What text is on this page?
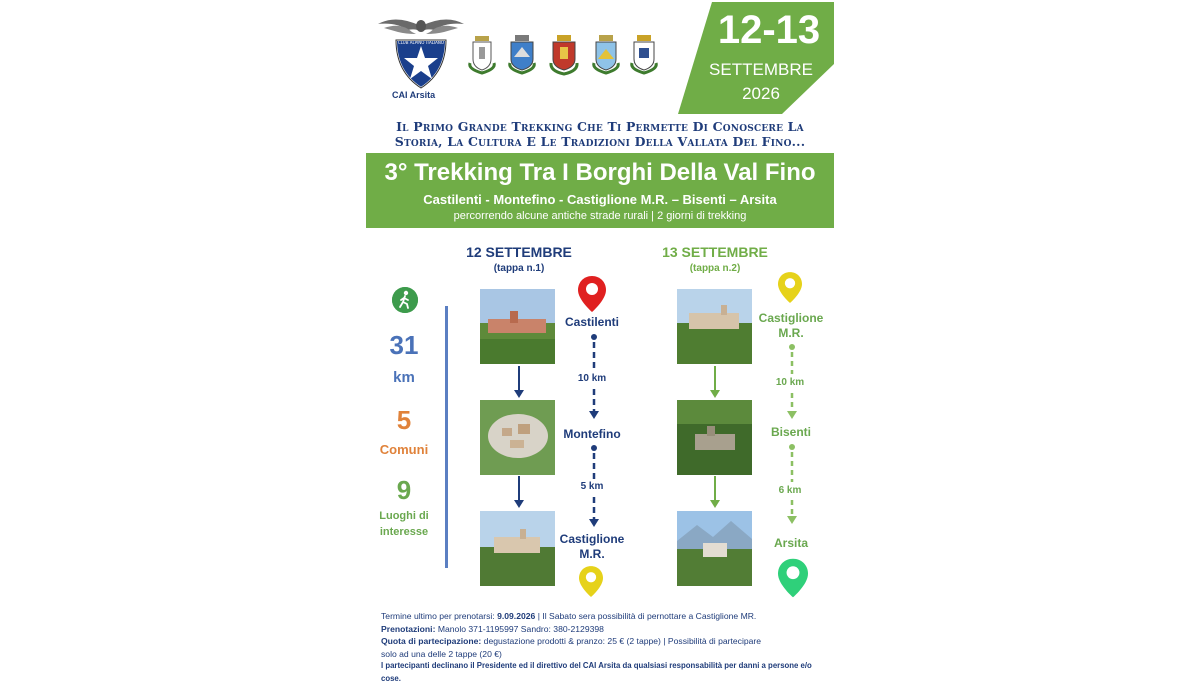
CLUB ALPINO ITALIANO
CAI Arsita
12-13
SETTEMBRE
2026
Il Primo Grande Trekking Che Ti Permette Di Conoscere La
Storia, La Cultura E Le Tradizioni Della Vallata Del Fino...
3° Trekking Tra I Borghi Della Val Fino
Castilenti - Montefino - Castiglione M.R. – Bisenti – Arsita
percorrendo alcune antiche strade rurali | 2 giorni di trekking
12 SETTEMBRE
(tappa n.1)
13 SETTEMBRE
(tappa n.2)
31
km
5
Comuni
9
Luoghi di
interesse
Castilenti
10 km
Montefino
5 km
Castiglione
M.R.
Castiglione
M.R.
10 km
Bisenti
6 km
Arsita
Termine ultimo per prenotarsi: 9.09.2026 | Il Sabato sera possibilità di pernottare a Castiglione MR.
Prenotazioni: Manolo 371-1195997 Sandro: 380-2129398
Quota di partecipazione: degustazione prodotti & pranzo: 25 € (2 tappe) | Possibilità di partecipare
solo ad una delle 2 tappe (20 €)
I partecipanti declinano il Presidente ed il direttivo del CAI Arsita da qualsiasi responsabilità per danni a persone e/o cose.
